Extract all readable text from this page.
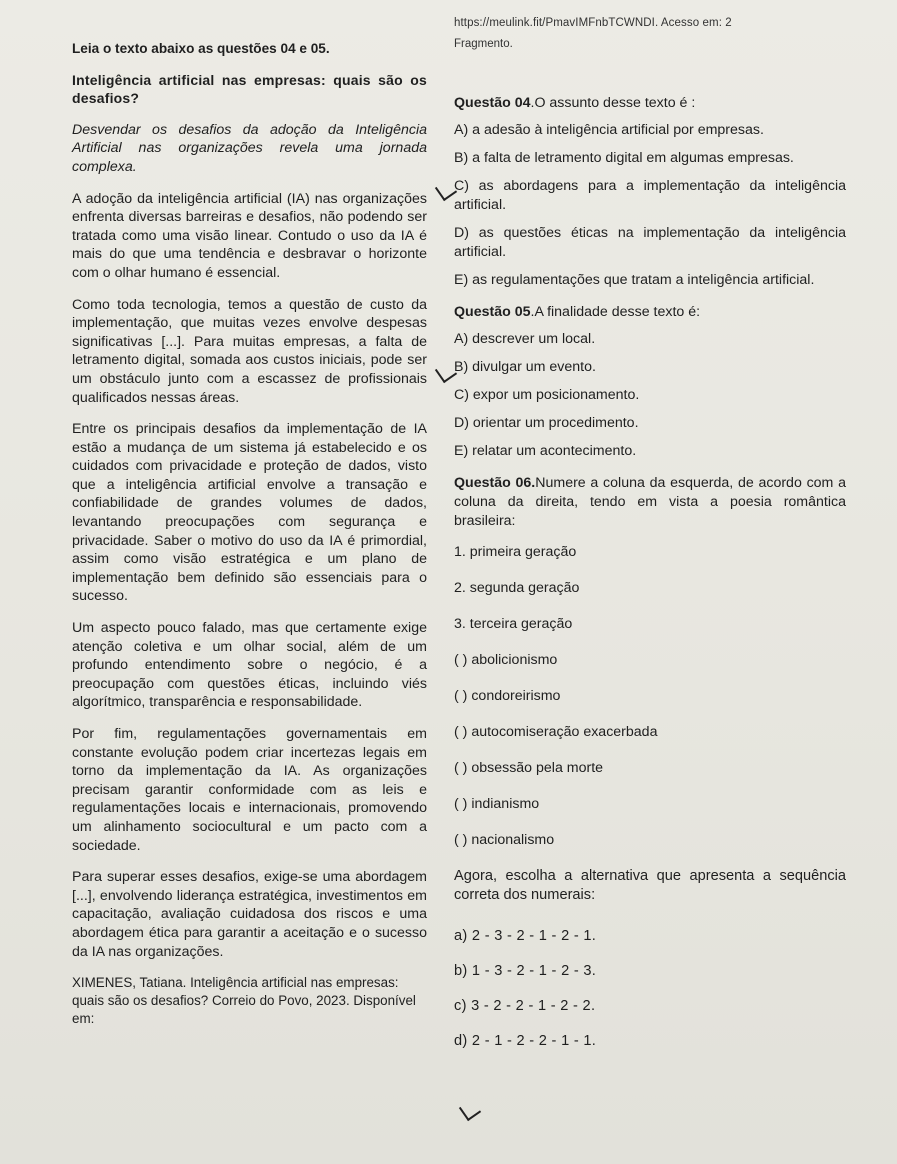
Leia o texto abaixo as questões 04 e 05.

Inteligência artificial nas empresas: quais são os desafios?

Desvendar os desafios da adoção da Inteligência Artificial nas organizações revela uma jornada complexa.

A adoção da inteligência artificial (IA) nas organizações enfrenta diversas barreiras e desafios, não podendo ser tratada como uma visão linear. Contudo o uso da IA é mais do que uma tendência e desbravar o horizonte com o olhar humano é essencial.

Como toda tecnologia, temos a questão de custo da implementação, que muitas vezes envolve despesas significativas [...]. Para muitas empresas, a falta de letramento digital, somada aos custos iniciais, pode ser um obstáculo junto com a escassez de profissionais qualificados nessas áreas.

Entre os principais desafios da implementação de IA estão a mudança de um sistema já estabelecido e os cuidados com privacidade e proteção de dados, visto que a inteligência artificial envolve a transação e confiabilidade de grandes volumes de dados, levantando preocupações com segurança e privacidade. Saber o motivo do uso da IA é primordial, assim como visão estratégica e um plano de implementação bem definido são essenciais para o sucesso.

Um aspecto pouco falado, mas que certamente exige atenção coletiva e um olhar social, além de um profundo entendimento sobre o negócio, é a preocupação com questões éticas, incluindo viés algorítmico, transparência e responsabilidade.

Por fim, regulamentações governamentais em constante evolução podem criar incertezas legais em torno da implementação da IA. As organizações precisam garantir conformidade com as leis e regulamentações locais e internacionais, promovendo um alinhamento sociocultural e um pacto com a sociedade.

Para superar esses desafios, exige-se uma abordagem [...], envolvendo liderança estratégica, investimentos em capacitação, avaliação cuidadosa dos riscos e uma abordagem ética para garantir a aceitação e o sucesso da IA nas organizações.

XIMENES, Tatiana. Inteligência artificial nas empresas: quais são os desafios? Correio do Povo, 2023. Disponível em:

https://meulink.fit/PmavIMFnbTCWNDI. Acesso em: 2
Fragmento.
Questão 04.O assunto desse texto é :
A) a adesão à inteligência artificial por empresas.
B) a falta de letramento digital em algumas empresas.
C) as abordagens para a implementação da inteligência artificial.
D) as questões éticas na implementação da inteligência artificial.
E) as regulamentações que tratam a inteligência artificial.
Questão 05.A finalidade desse texto é:
A) descrever um local.
B) divulgar um evento.
C) expor um posicionamento.
D) orientar um procedimento.
E) relatar um acontecimento.
Questão 06.Numere a coluna da esquerda, de acordo com a coluna da direita, tendo em vista a poesia romântica brasileira:
1. primeira geração
2. segunda geração
3. terceira geração
( ) abolicionismo
( ) condoreirismo
( ) autocomiseração exacerbada
( ) obsessão pela morte
( ) indianismo
( ) nacionalismo
Agora, escolha a alternativa que apresenta a sequência correta dos numerais:
a) 2 - 3 - 2 - 1 - 2 - 1.
b) 1 - 3 - 2 - 1 - 2 - 3.
c) 3 - 2 - 2 - 1 - 2 - 2.
d) 2 - 1 - 2 - 2 - 1 - 1.
